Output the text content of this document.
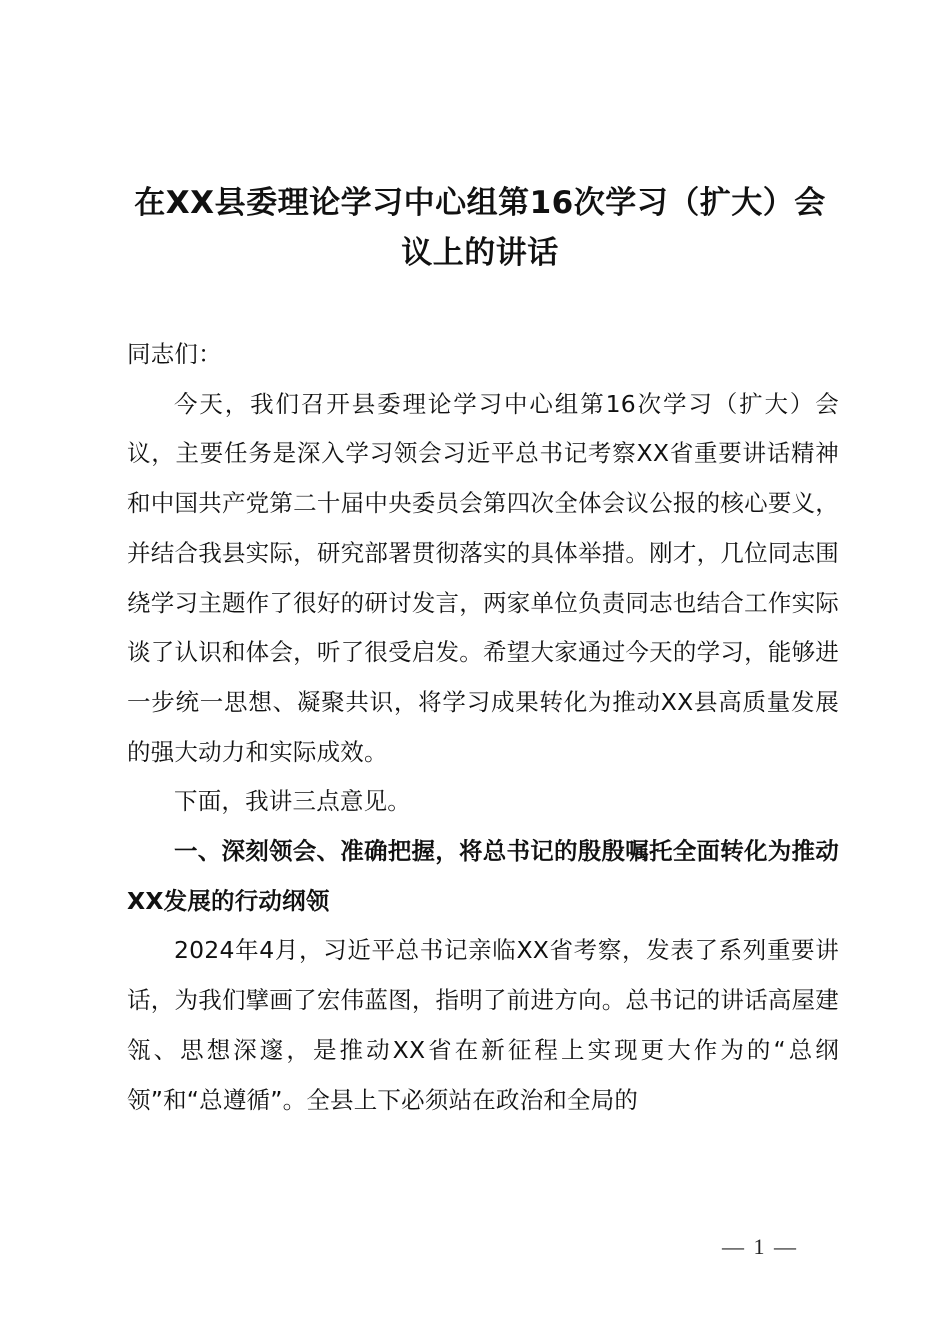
在XX县委理论学习中心组第16次学习（扩大）会议上的讲话

同志们：

今天，我们召开县委理论学习中心组第16次学习（扩大）会议，主要任务是深入学习领会习近平总书记考察XX省重要讲话精神和中国共产党第二十届中央委员会第四次全体会议公报的核心要义，并结合我县实际，研究部署贯彻落实的具体举措。刚才，几位同志围绕学习主题作了很好的研讨发言，两家单位负责同志也结合工作实际谈了认识和体会，听了很受启发。希望大家通过今天的学习，能够进一步统一思想、凝聚共识，将学习成果转化为推动XX县高质量发展的强大动力和实际成效。

下面，我讲三点意见。

一、深刻领会、准确把握，将总书记的殷殷嘱托全面转化为推动XX发展的行动纲领

2024年4月，习近平总书记亲临XX省考察，发表了系列重要讲话，为我们擘画了宏伟蓝图，指明了前进方向。总书记的讲话高屋建瓴、思想深邃，是推动XX省在新征程上实现更大作为的“总纲领”和“总遵循”。全县上下必须站在政治和全局的

— 1 —
